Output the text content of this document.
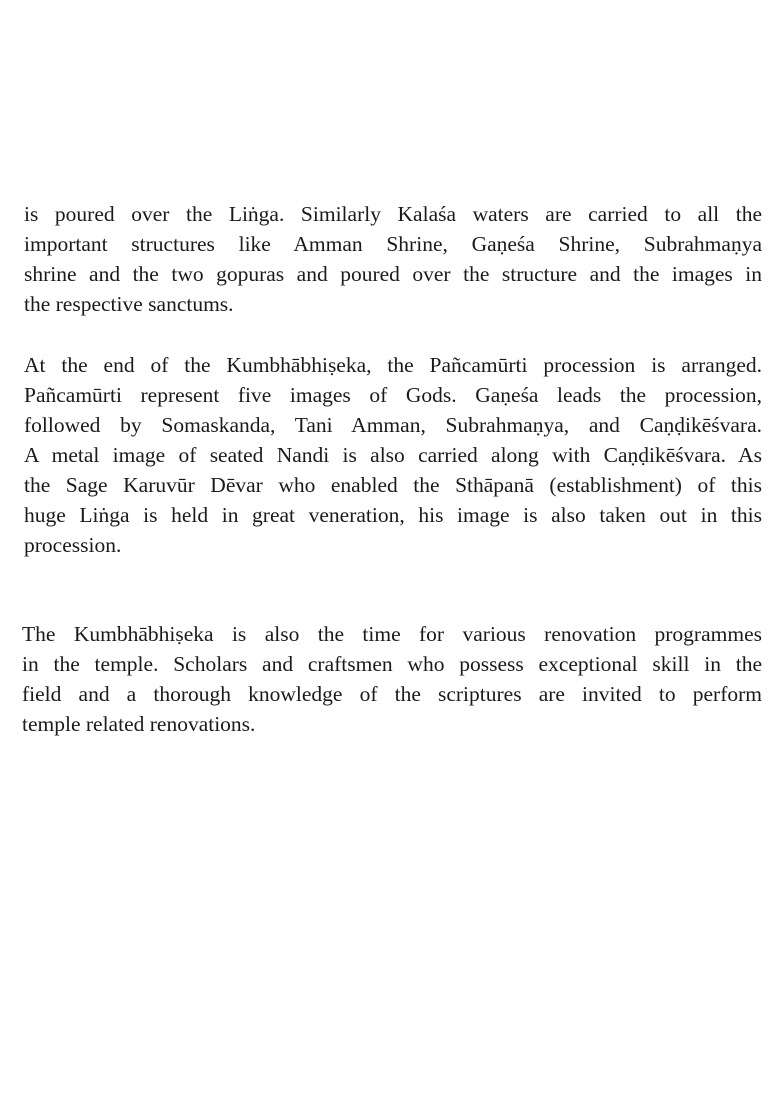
is poured over the Liṅga. Similarly Kalaśa waters are carried to all the
important structures like Amman Shrine, Gaṇeśa Shrine, Subrahmaṇya
shrine and the two gopuras and poured over the structure and the images in
the respective sanctums.

At the end of the Kumbhābhiṣeka, the Pañcamūrti procession is arranged.
Pañcamūrti represent five images of Gods. Gaṇeśa leads the procession,
followed by Somaskanda, Tani Amman, Subrahmaṇya, and Caṇḍikēśvara.
A metal image of seated Nandi is also carried along with Caṇḍikēśvara. As
the Sage Karuvūr Dēvar who enabled the Sthāpanā (establishment) of this
huge Liṅga is held in great veneration, his image is also taken out in this
procession.

The Kumbhābhiṣeka is also the time for various renovation programmes
in the temple. Scholars and craftsmen who possess exceptional skill in the
field and a thorough knowledge of the scriptures are invited to perform
temple related renovations.
